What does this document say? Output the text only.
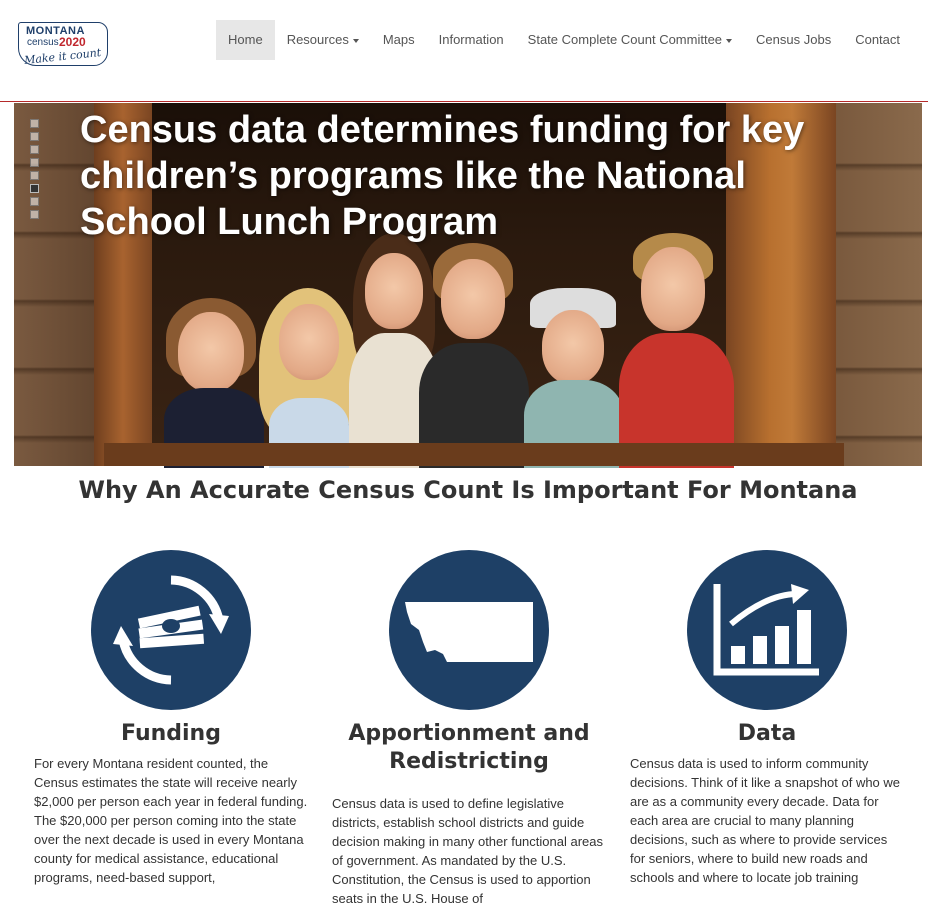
MONTANA
census 2020
Make it count
Home	Resources	Maps	Information	State Complete Count Committee	Census Jobs	Contact
Census data determines funding for key children’s programs like the National School Lunch Program
Why An Accurate Census Count Is Important For Montana
Funding
For every Montana resident counted, the Census estimates the state will receive nearly $2,000 per person each year in federal funding. The $20,000 per person coming into the state over the next decade is used in every Montana county for medical assistance, educational programs, need-based support,
Apportionment and Redistricting
Census data is used to define legislative districts, establish school districts and guide decision making in many other functional areas of government. As mandated by the U.S. Constitution, the Census is used to apportion seats in the U.S. House of
Data
Census data is used to inform community decisions. Think of it like a snapshot of who we are as a community every decade. Data for each area are crucial to many planning decisions, such as where to provide services for seniors, where to build new roads and schools and where to locate job training
